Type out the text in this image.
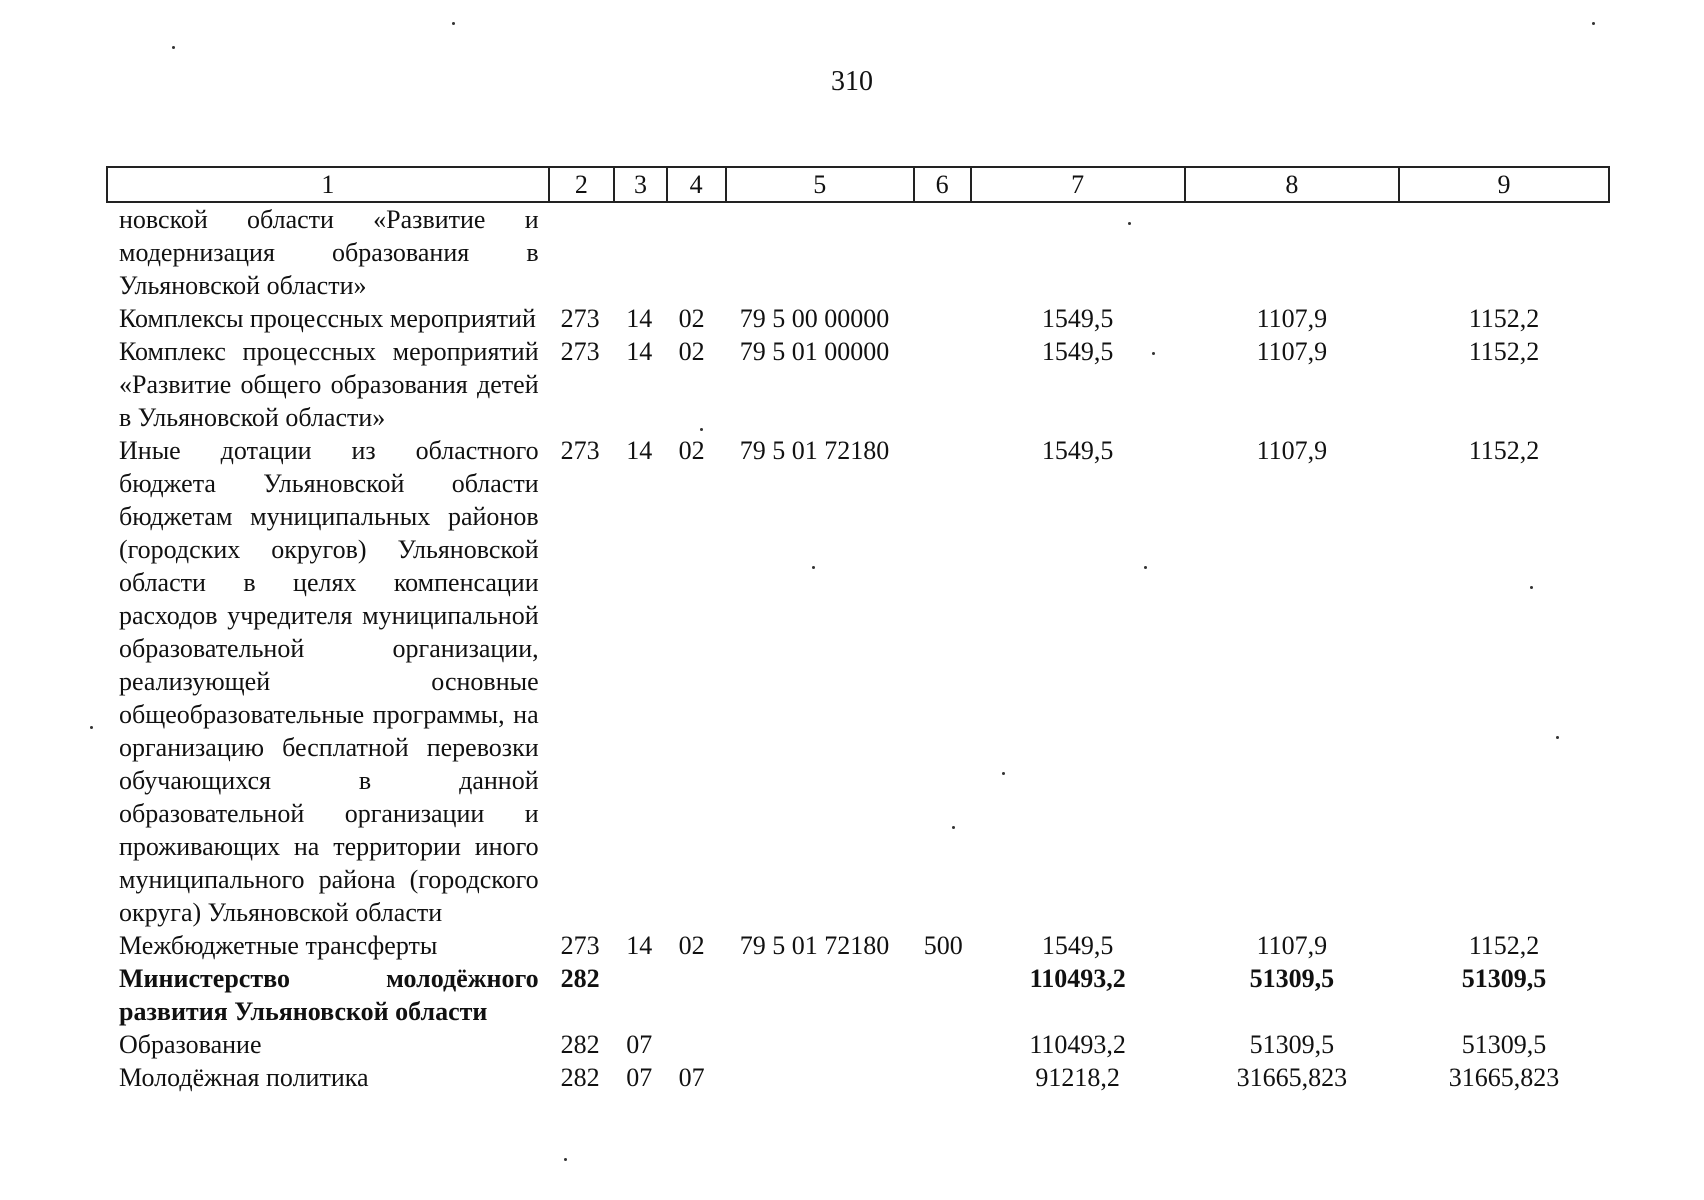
310
1	2	3	4	5	6	7	8	9
новской области «Развитие и модернизация образования в Ульяновской области»								
Комплексы процессных мероприятий	273	14	02	79 5 00 00000		1549,5	1107,9	1152,2
Комплекс процессных мероприятий «Развитие общего образования детей в Ульяновской области»	273	14	02	79 5 01 00000		1549,5	1107,9	1152,2
Иные дотации из областного бюджета Ульяновской области бюджетам муниципальных районов (городских округов) Ульяновской области в целях компенсации расходов учредителя муниципальной образовательной организации, реализующей основные общеобразовательные программы, на организацию бесплатной перевозки обучающихся в данной образовательной организации и проживающих на территории иного муниципального района (городского округа) Ульяновской области	273	14	02	79 5 01 72180		1549,5	1107,9	1152,2
Межбюджетные трансферты	273	14	02	79 5 01 72180	500	1549,5	1107,9	1152,2
Министерство молодёжного развития Ульяновской области	282					110493,2	51309,5	51309,5
Образование	282	07				110493,2	51309,5	51309,5
Молодёжная политика	282	07	07			91218,2	31665,823	31665,823
